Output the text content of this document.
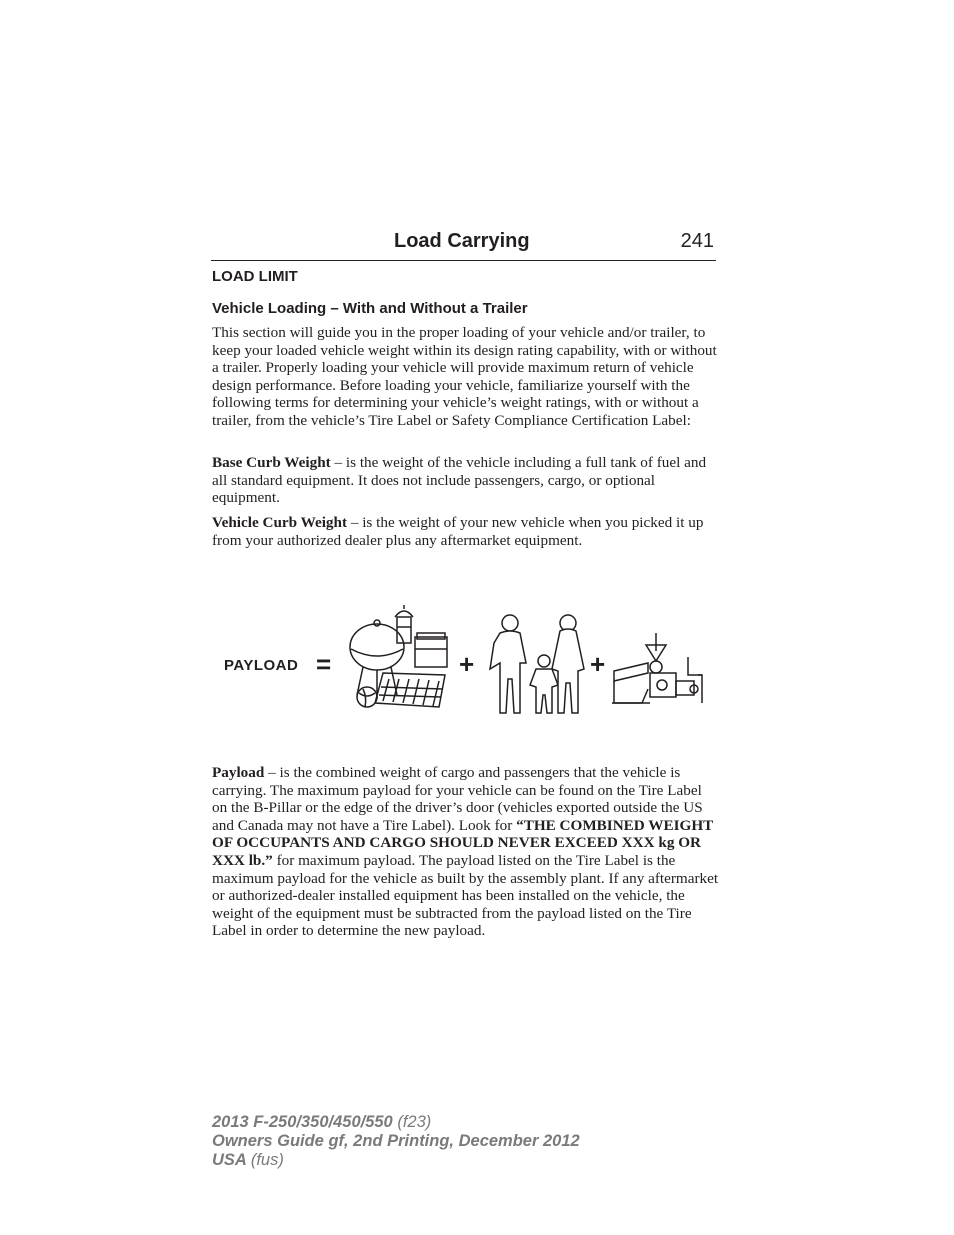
Load Carrying	241
LOAD LIMIT
Vehicle Loading – With and Without a Trailer

This section will guide you in the proper loading of your vehicle and/or trailer, to keep your loaded vehicle weight within its design rating capability, with or without a trailer. Properly loading your vehicle will provide maximum return of vehicle design performance. Before loading your vehicle, familiarize yourself with the following terms for determining your vehicle’s weight ratings, with or without a trailer, from the vehicle’s Tire Label or Safety Compliance Certification Label:

Base Curb Weight – is the weight of the vehicle including a full tank of fuel and all standard equipment. It does not include passengers, cargo, or optional equipment.

Vehicle Curb Weight – is the weight of your new vehicle when you picked it up from your authorized dealer plus any aftermarket equipment.

PAYLOAD =	+	+

Payload – is the combined weight of cargo and passengers that the vehicle is carrying. The maximum payload for your vehicle can be found on the Tire Label on the B-Pillar or the edge of the driver’s door (vehicles exported outside the US and Canada may not have a Tire Label). Look for “THE COMBINED WEIGHT OF OCCUPANTS AND CARGO SHOULD NEVER EXCEED XXX kg OR XXX lb.” for maximum payload. The payload listed on the Tire Label is the maximum payload for the vehicle as built by the assembly plant. If any aftermarket or authorized-dealer installed equipment has been installed on the vehicle, the weight of the equipment must be subtracted from the payload listed on the Tire Label in order to determine the new payload.

2013 F-250/350/450/550 (f23)
Owners Guide gf, 2nd Printing, December 2012
USA (fus)
